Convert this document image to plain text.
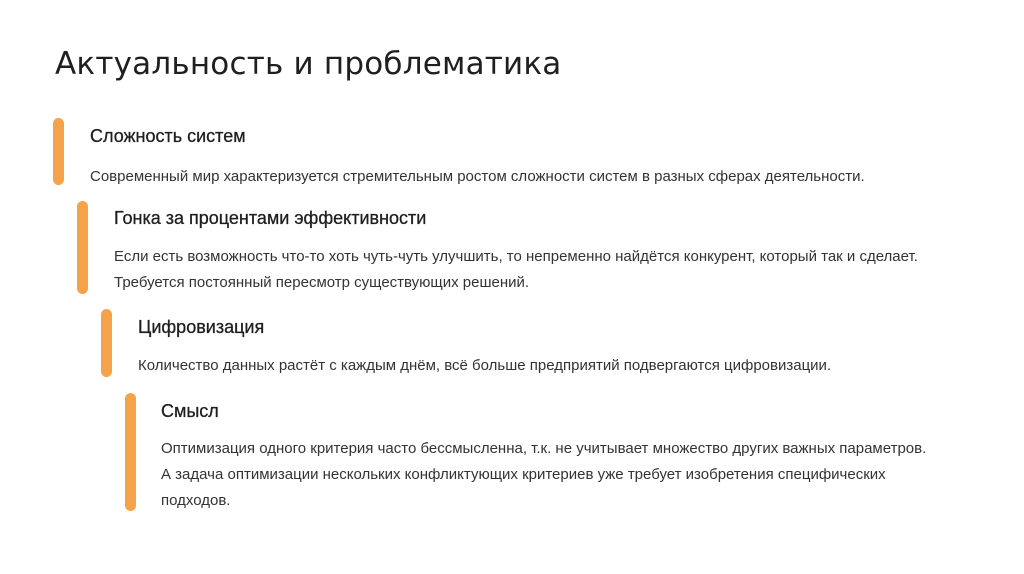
Актуальность и проблематика
Сложность систем

Современный мир характеризуется стремительным ростом сложности систем в разных сферах деятельности.

Гонка за процентами эффективности

Если есть возможность что-то хоть чуть-чуть улучшить, то непременно найдётся конкурент, который так и сделает.
Требуется постоянный пересмотр существующих решений.

Цифровизация

Количество данных растёт с каждым днём, всё больше предприятий подвергаются цифровизации.

Смысл

Оптимизация одного критерия часто бессмысленна, т.к. не учитывает множество других важных параметров.
А задача оптимизации нескольких конфликтующих критериев уже требует изобретения специфических
подходов.
